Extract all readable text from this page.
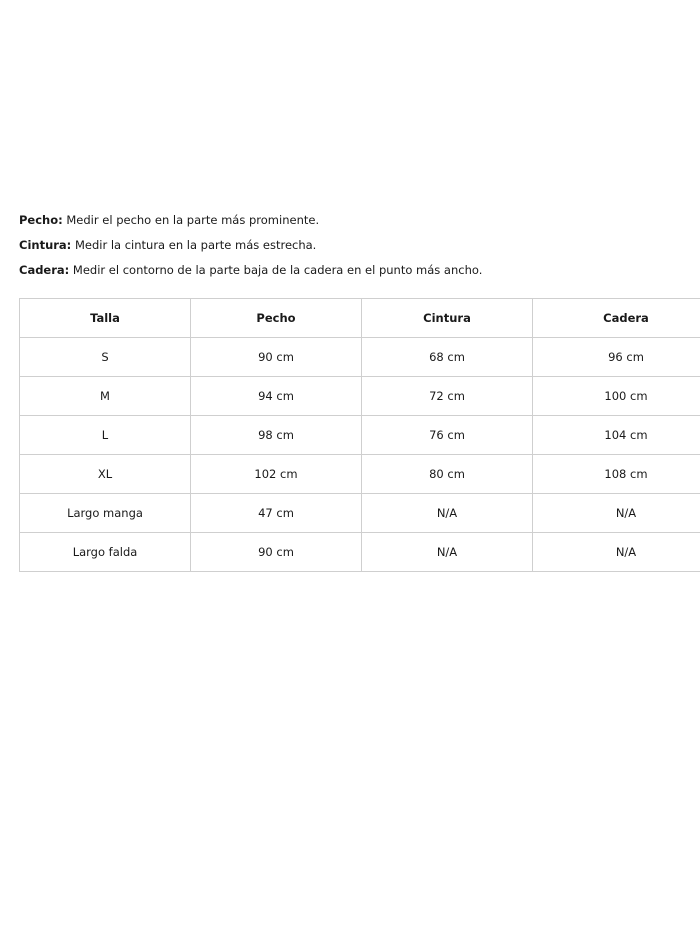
Pecho: Medir el pecho en la parte más prominente.
Cintura: Medir la cintura en la parte más estrecha.
Cadera: Medir el contorno de la parte baja de la cadera en el punto más ancho.
Talla	Pecho	Cintura	Cadera
S	90 cm	68 cm	96 cm
M	94 cm	72 cm	100 cm
L	98 cm	76 cm	104 cm
XL	102 cm	80 cm	108 cm
Largo manga	47 cm	N/A	N/A
Largo falda	90 cm	N/A	N/A
